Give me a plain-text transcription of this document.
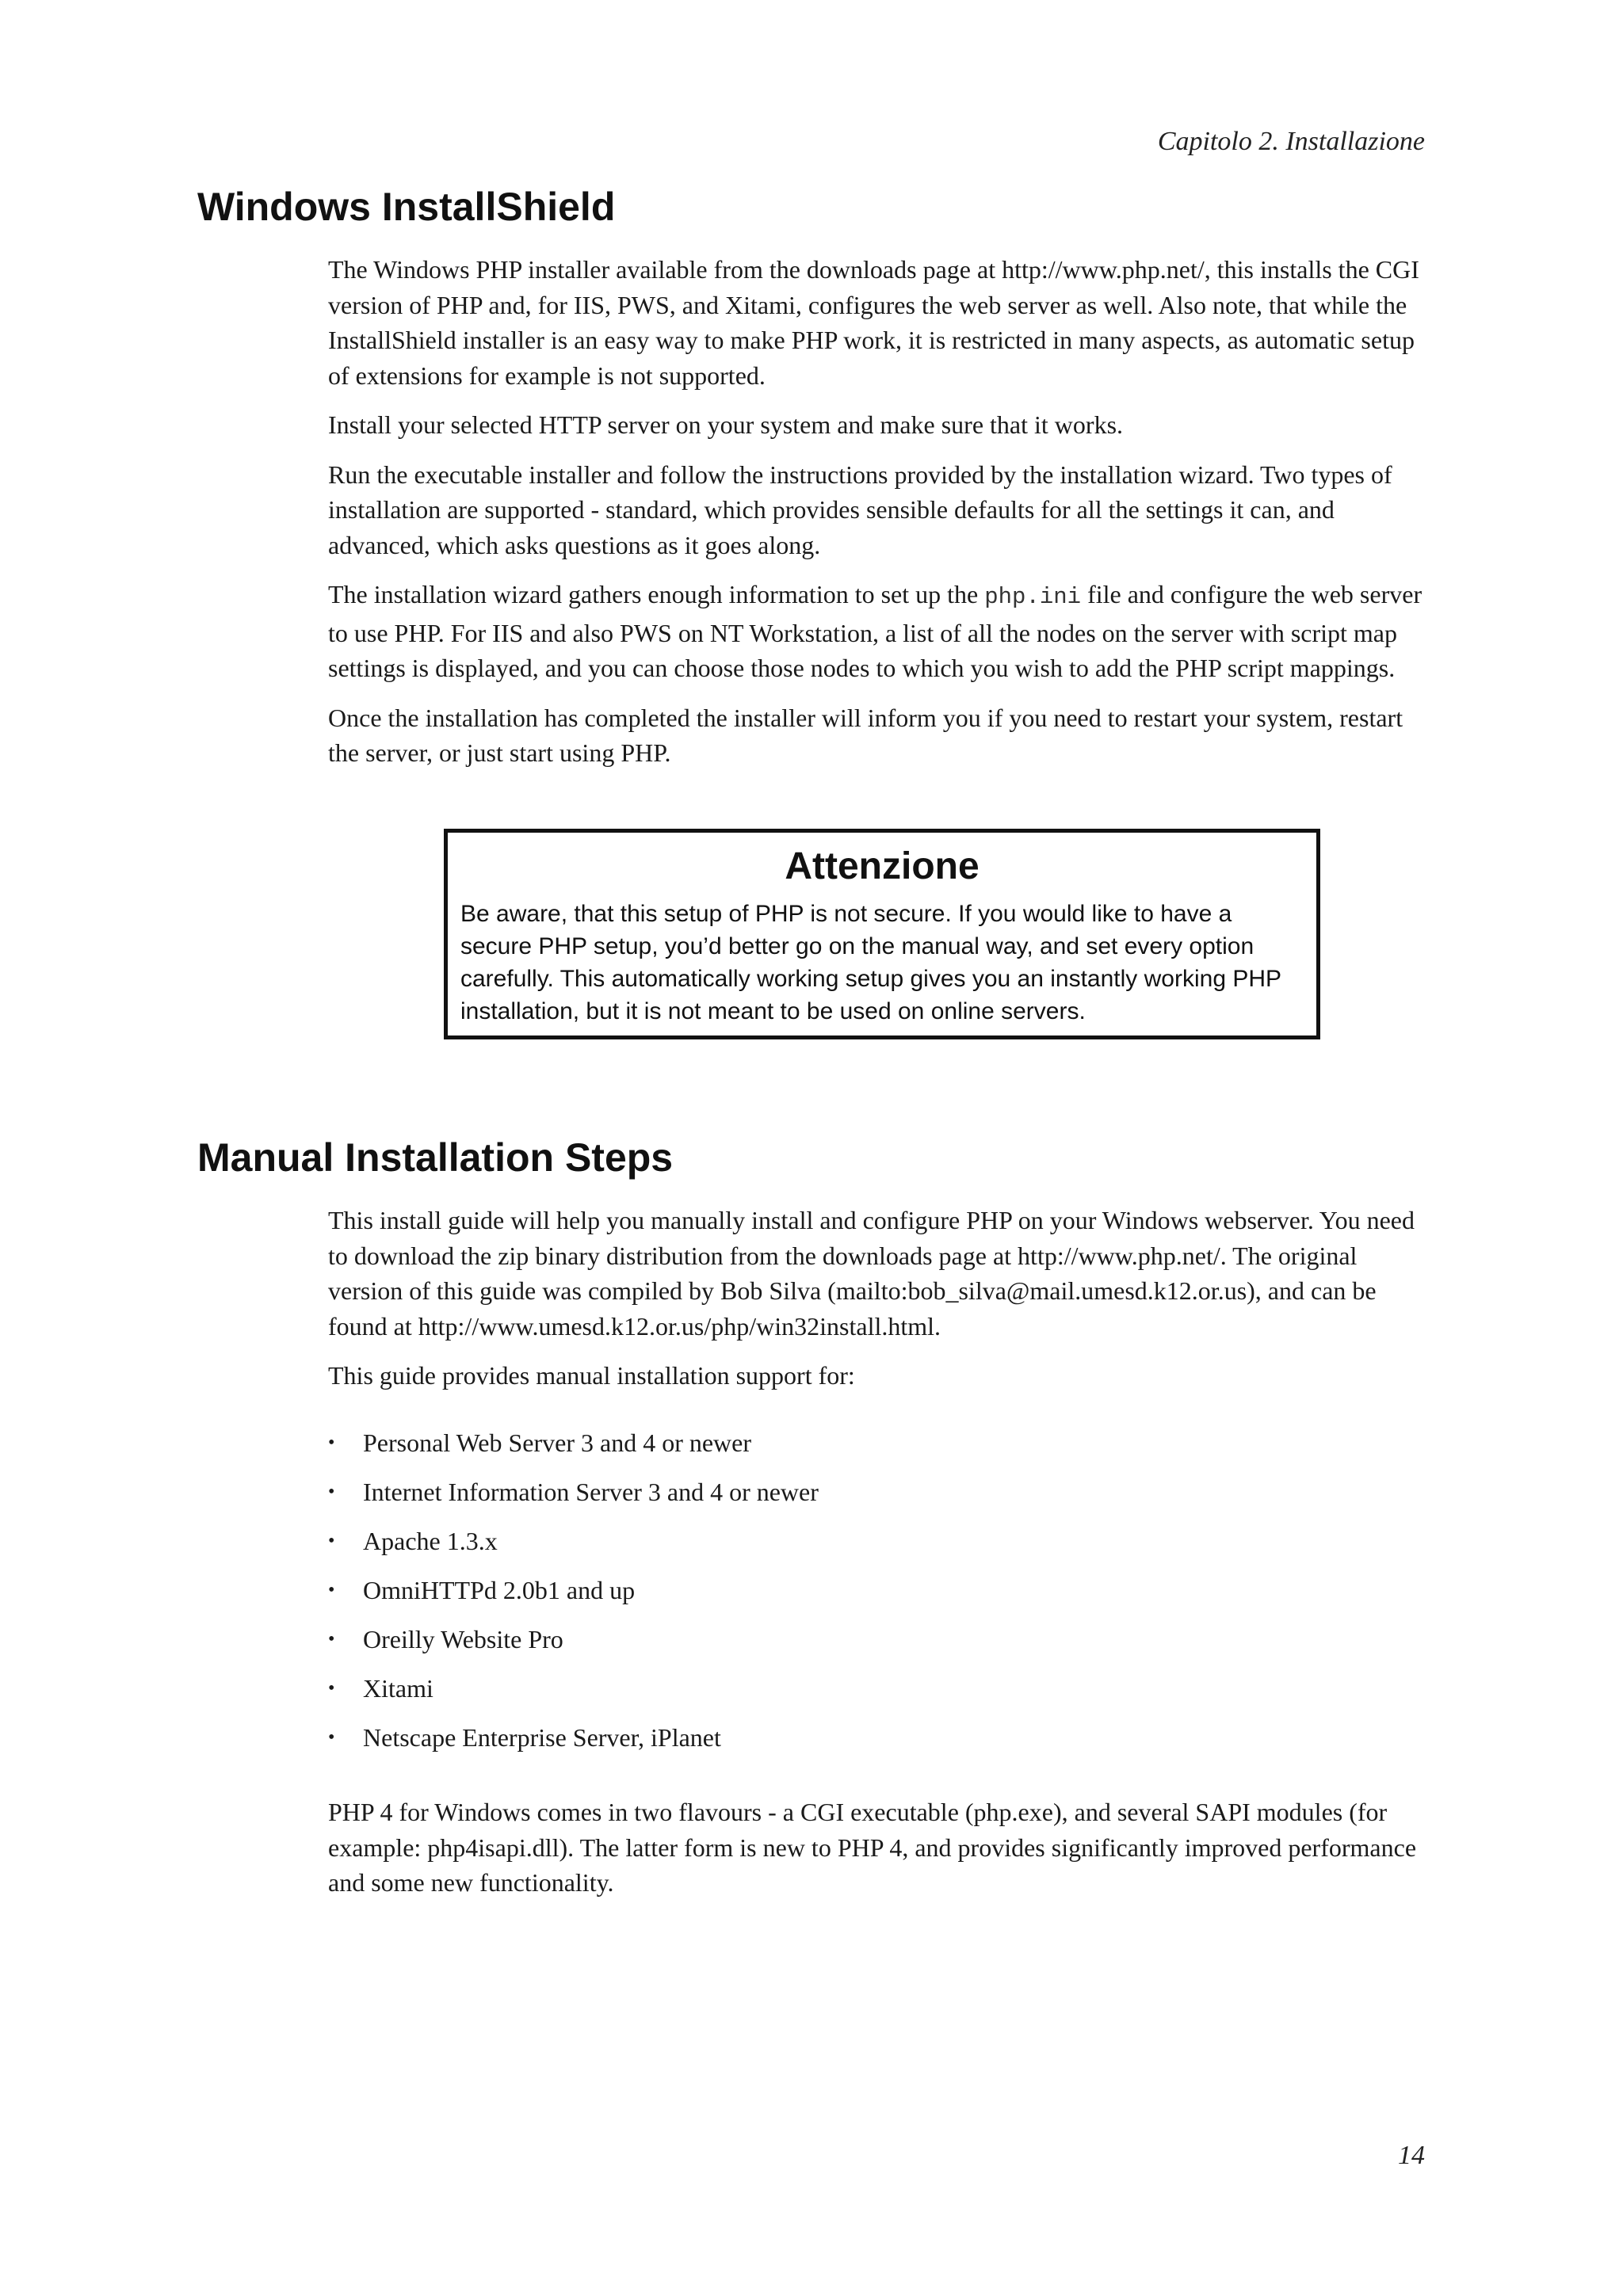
Capitolo 2. Installazione
Windows InstallShield

The Windows PHP installer available from the downloads page at http://www.php.net/, this installs the CGI version of PHP and, for IIS, PWS, and Xitami, configures the web server as well. Also note, that while the InstallShield installer is an easy way to make PHP work, it is restricted in many aspects, as automatic setup of extensions for example is not supported.

Install your selected HTTP server on your system and make sure that it works.

Run the executable installer and follow the instructions provided by the installation wizard. Two types of installation are supported - standard, which provides sensible defaults for all the settings it can, and advanced, which asks questions as it goes along.

The installation wizard gathers enough information to set up the php.ini file and configure the web server to use PHP. For IIS and also PWS on NT Workstation, a list of all the nodes on the server with script map settings is displayed, and you can choose those nodes to which you wish to add the PHP script mappings.

Once the installation has completed the installer will inform you if you need to restart your system, restart the server, or just start using PHP.

Attenzione

Be aware, that this setup of PHP is not secure. If you would like to have a secure PHP setup, you’d better go on the manual way, and set every option carefully. This automatically working setup gives you an instantly working PHP installation, but it is not meant to be used on online servers.

Manual Installation Steps

This install guide will help you manually install and configure PHP on your Windows webserver. You need to download the zip binary distribution from the downloads page at http://www.php.net/. The original version of this guide was compiled by Bob Silva (mailto:bob_silva@mail.umesd.k12.or.us), and can be found at http://www.umesd.k12.or.us/php/win32install.html.

This guide provides manual installation support for:

• Personal Web Server 3 and 4 or newer
• Internet Information Server 3 and 4 or newer
• Apache 1.3.x
• OmniHTTPd 2.0b1 and up
• Oreilly Website Pro
• Xitami
• Netscape Enterprise Server, iPlanet

PHP 4 for Windows comes in two flavours - a CGI executable (php.exe), and several SAPI modules (for example: php4isapi.dll). The latter form is new to PHP 4, and provides significantly improved performance and some new functionality.

14
